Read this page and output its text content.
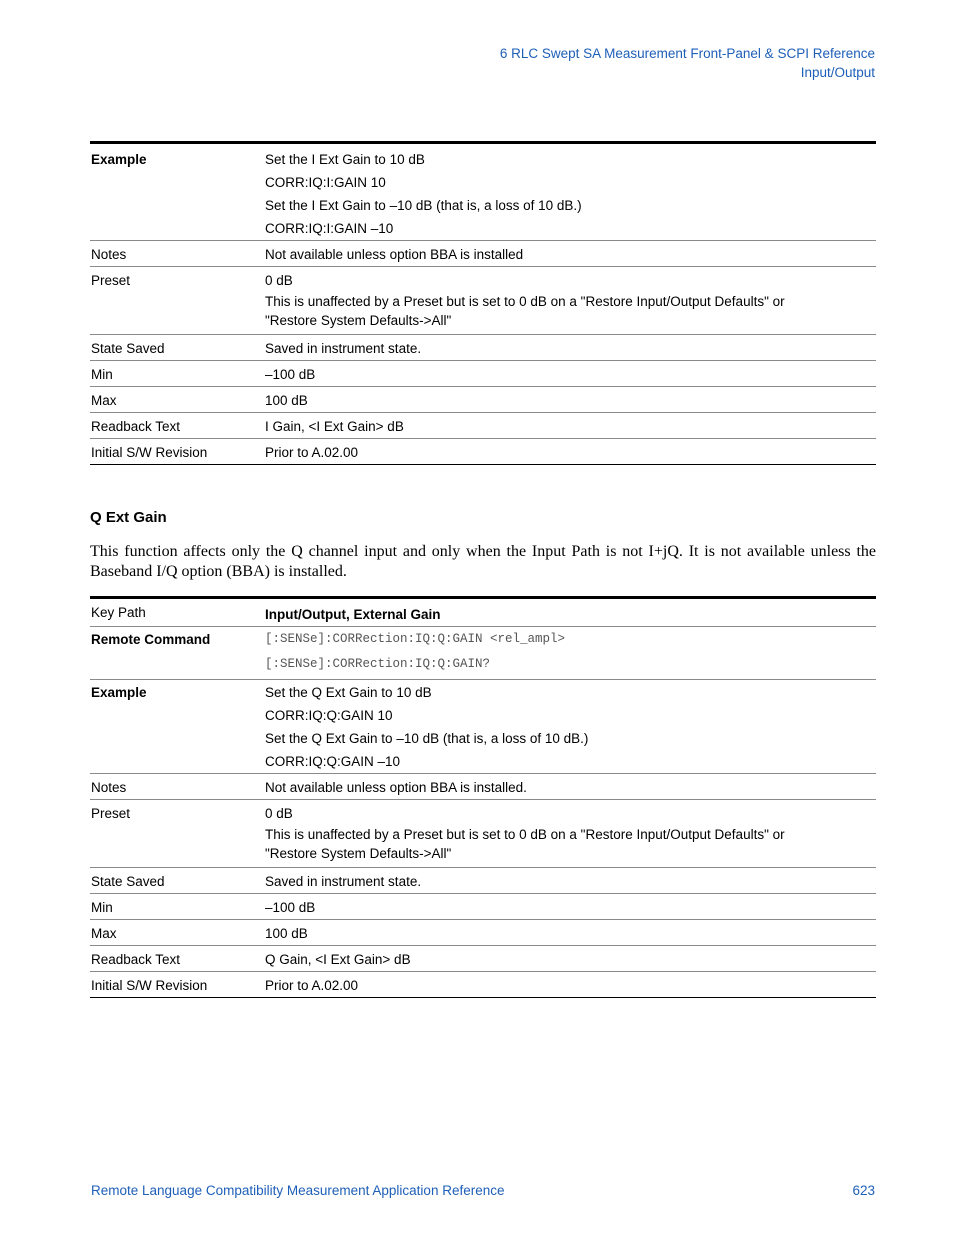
6 RLC Swept SA Measurement Front-Panel & SCPI Reference
Input/Output
Example	Set the I Ext Gain to 10 dB
CORR:IQ:I:GAIN 10
Set the I Ext Gain to –10 dB (that is, a loss of 10 dB.)
CORR:IQ:I:GAIN –10

Notes	Not available unless option BBA is installed

Preset	0 dB
This is unaffected by a Preset but is set to 0 dB on a "Restore Input/Output Defaults" or "Restore System Defaults->All"

State Saved	Saved in instrument state.

Min	–100 dB

Max	100 dB

Readback Text	I Gain, <I Ext Gain> dB

Initial S/W Revision	Prior to A.02.00
Q Ext Gain
This function affects only the Q channel input and only when the Input Path is not I+jQ. It is not available unless the Baseband I/Q option (BBA) is installed.
Key Path	Input/Output, External Gain

Remote Command	[:SENSe]:CORRection:IQ:Q:GAIN <rel_ampl>
[:SENSe]:CORRection:IQ:Q:GAIN?

Example	Set the Q Ext Gain to 10 dB
CORR:IQ:Q:GAIN 10
Set the Q Ext Gain to –10 dB (that is, a loss of 10 dB.)
CORR:IQ:Q:GAIN –10

Notes	Not available unless option BBA is installed.

Preset	0 dB
This is unaffected by a Preset but is set to 0 dB on a "Restore Input/Output Defaults" or "Restore System Defaults->All"

State Saved	Saved in instrument state.

Min	–100 dB

Max	100 dB

Readback Text	Q Gain, <I Ext Gain> dB

Initial S/W Revision	Prior to A.02.00
Remote Language Compatibility Measurement Application Reference	623
